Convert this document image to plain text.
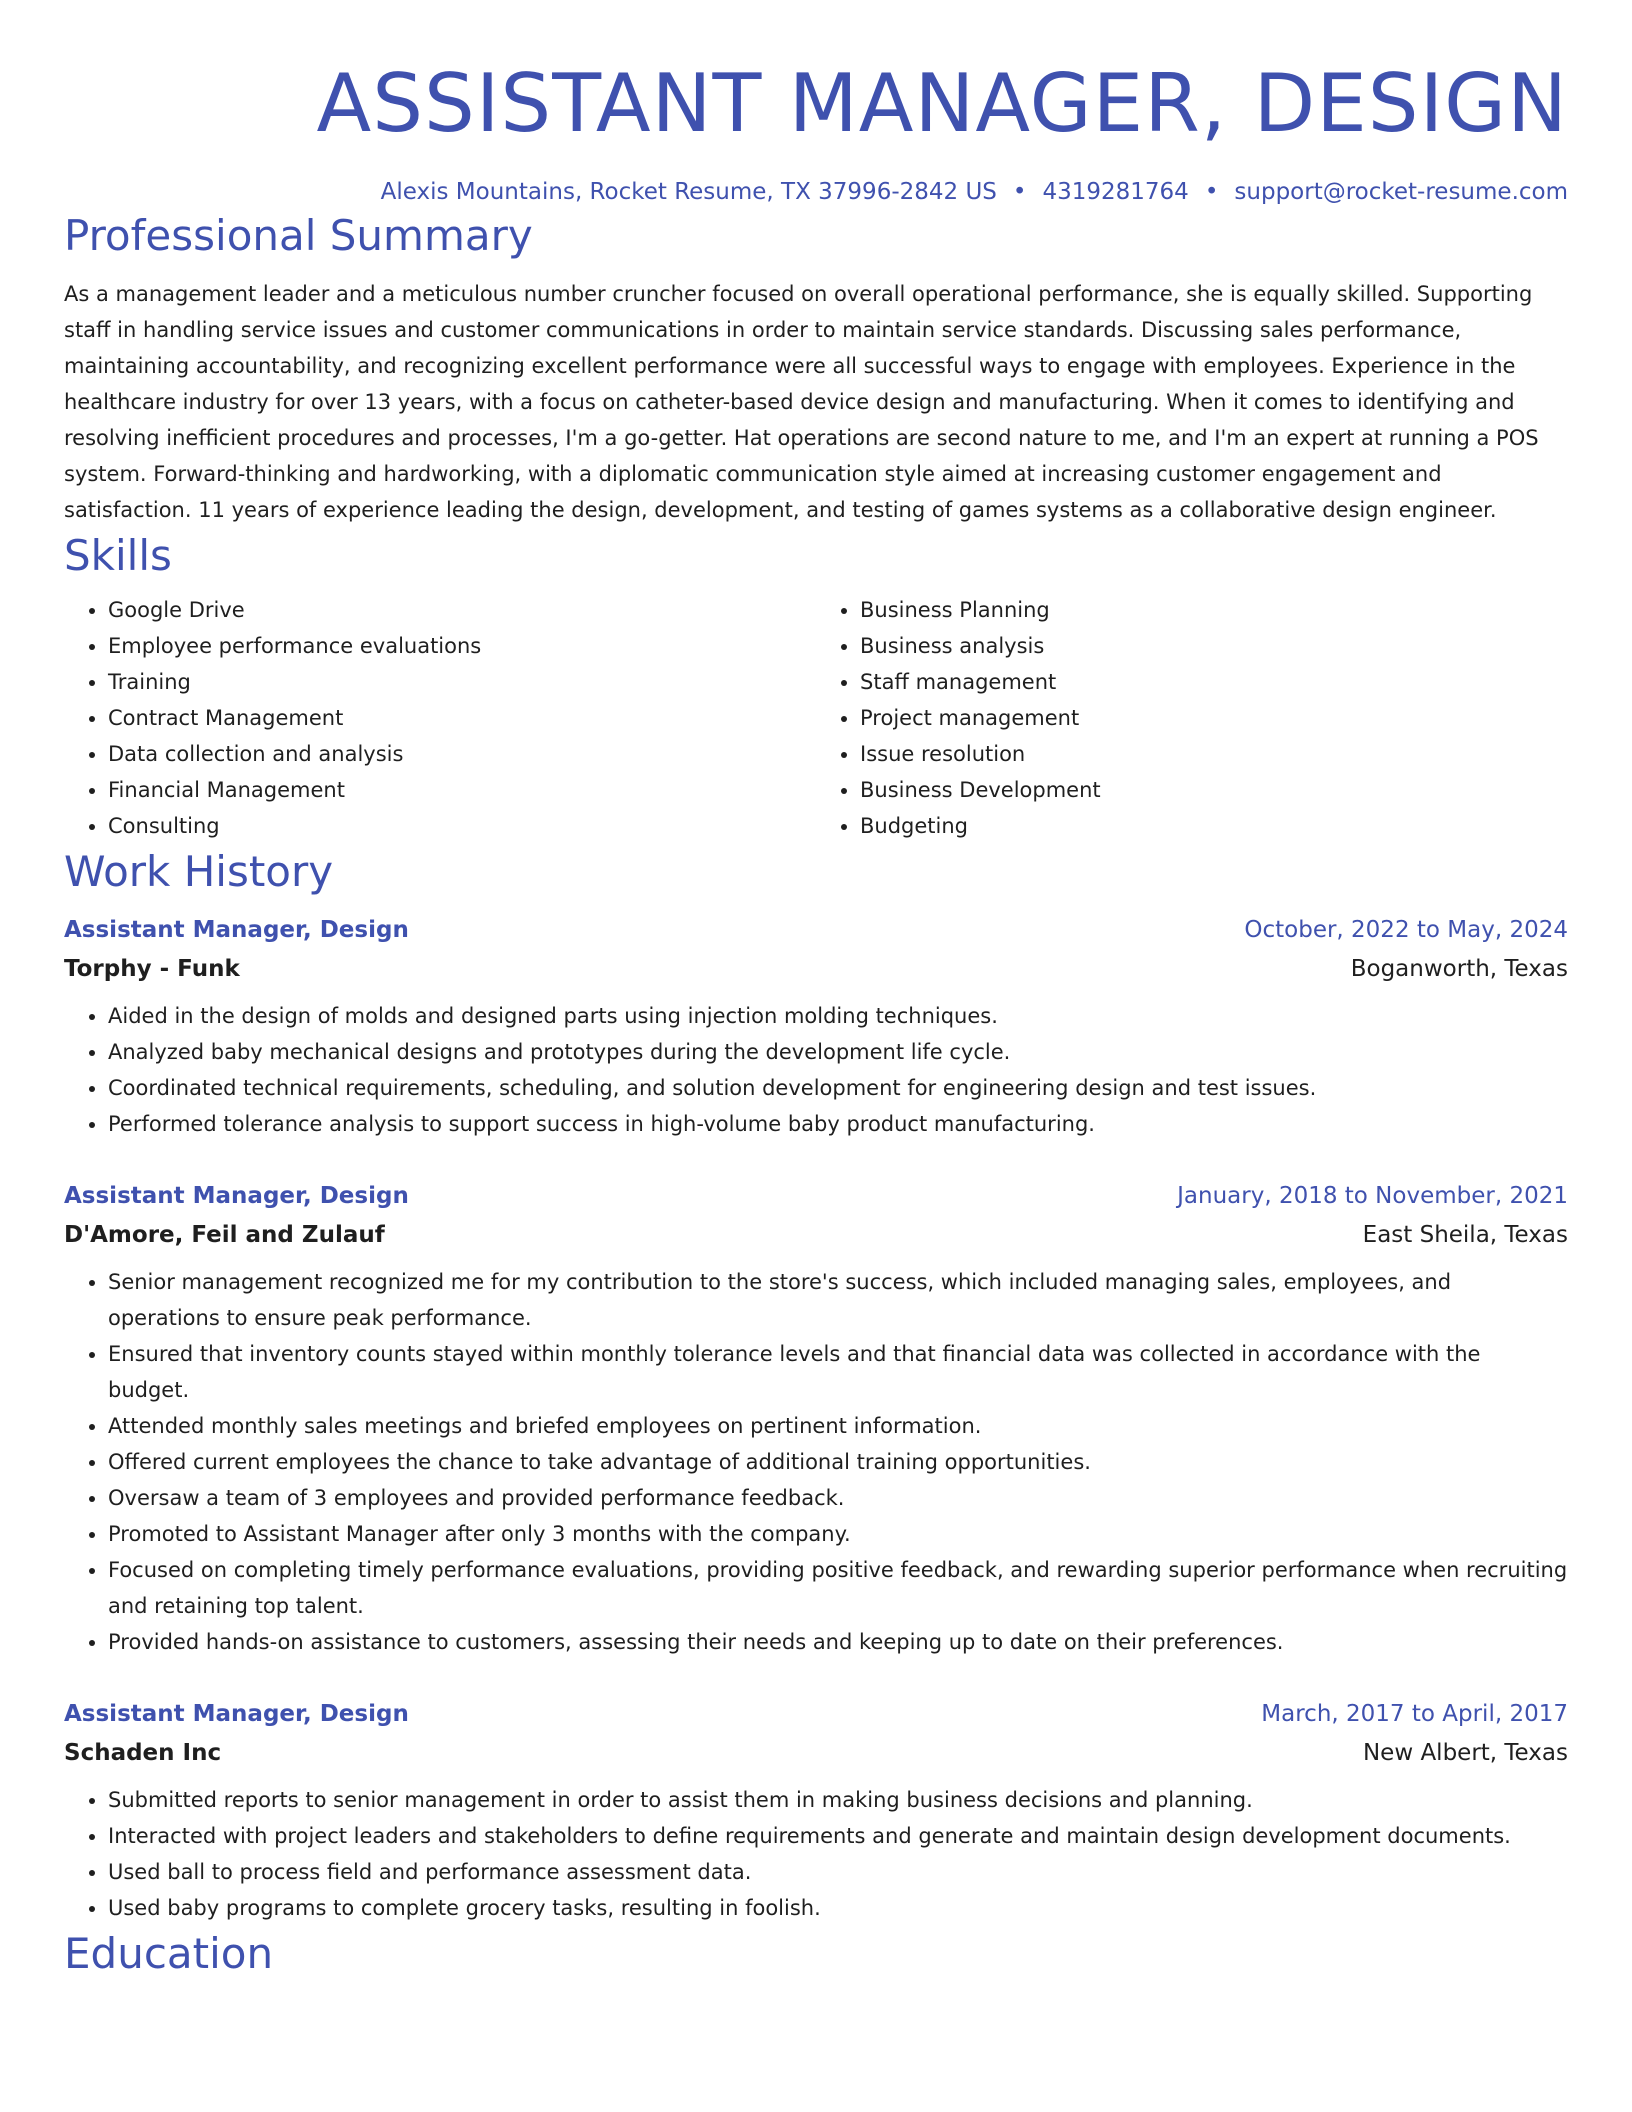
ASSISTANT MANAGER, DESIGN
Alexis Mountains, Rocket Resume, TX 37996-2842 US • 4319281764 • support@rocket-resume.com
Professional Summary

As a management leader and a meticulous number cruncher focused on overall operational performance, she is equally skilled. Supporting staff in handling service issues and customer communications in order to maintain service standards. Discussing sales performance, maintaining accountability, and recognizing excellent performance were all successful ways to engage with employees. Experience in the healthcare industry for over 13 years, with a focus on catheter-based device design and manufacturing. When it comes to identifying and resolving inefficient procedures and processes, I'm a go-getter. Hat operations are second nature to me, and I'm an expert at running a POS system. Forward-thinking and hardworking, with a diplomatic communication style aimed at increasing customer engagement and satisfaction. 11 years of experience leading the design, development, and testing of games systems as a collaborative design engineer.

Skills
• Google Drive
• Employee performance evaluations
• Training
• Contract Management
• Data collection and analysis
• Financial Management
• Consulting
• Business Planning
• Business analysis
• Staff management
• Project management
• Issue resolution
• Business Development
• Budgeting
Work History
Assistant Manager, Design	October, 2022 to May, 2024
Torphy - Funk	Boganworth, Texas
• Aided in the design of molds and designed parts using injection molding techniques.
• Analyzed baby mechanical designs and prototypes during the development life cycle.
• Coordinated technical requirements, scheduling, and solution development for engineering design and test issues.
• Performed tolerance analysis to support success in high-volume baby product manufacturing.
Assistant Manager, Design	January, 2018 to November, 2021
D'Amore, Feil and Zulauf	East Sheila, Texas
• Senior management recognized me for my contribution to the store's success, which included managing sales, employees, and operations to ensure peak performance.
• Ensured that inventory counts stayed within monthly tolerance levels and that financial data was collected in accordance with the budget.
• Attended monthly sales meetings and briefed employees on pertinent information.
• Offered current employees the chance to take advantage of additional training opportunities.
• Oversaw a team of 3 employees and provided performance feedback.
• Promoted to Assistant Manager after only 3 months with the company.
• Focused on completing timely performance evaluations, providing positive feedback, and rewarding superior performance when recruiting and retaining top talent.
• Provided hands-on assistance to customers, assessing their needs and keeping up to date on their preferences.
Assistant Manager, Design	March, 2017 to April, 2017
Schaden Inc	New Albert, Texas
• Submitted reports to senior management in order to assist them in making business decisions and planning.
• Interacted with project leaders and stakeholders to define requirements and generate and maintain design development documents.
• Used ball to process field and performance assessment data.
• Used baby programs to complete grocery tasks, resulting in foolish.
Education
